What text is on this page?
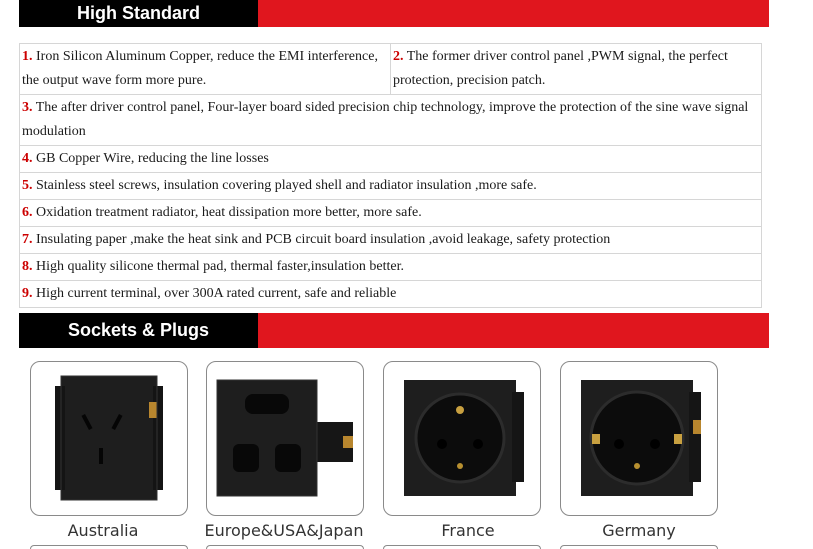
High Standard
1. Iron Silicon Aluminum Copper, reduce the EMI interference, the output wave form more pure.	2. The former driver control panel ,PWM signal, the perfect protection, precision patch.
3. The after driver control panel, Four-layer board sided precision chip technology, improve the protection of the sine wave signal modulation
4. GB Copper Wire, reducing the line losses
5. Stainless steel screws, insulation covering played shell and radiator insulation ,more safe.
6. Oxidation treatment radiator, heat dissipation more better, more safe.
7. Insulating paper ,make the heat sink and PCB circuit board insulation ,avoid leakage, safety protection
8. High quality silicone thermal pad, thermal faster,insulation better.
9. High current terminal, over 300A rated current, safe and reliable
Sockets & Plugs
Australia	Europe&USA&Japan	France	Germany
